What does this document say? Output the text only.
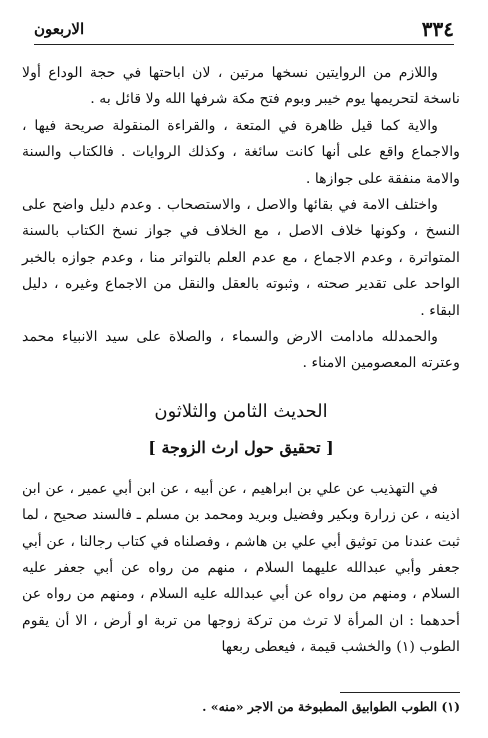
٣٣٤
الاربعون

واللازم من الروايتين نسخها مرتين ، لان اباحتها في حجة الوداع أولا ناسخة لتحريمها يوم خيبر وبوم فتح مكة شرفها الله ولا قائل به .

والاية كما قيل ظاهرة في المتعة ، والقراءة المنقولة صريحة فيها ، والاجماع واقع على أنها كانت سائغة ، وكذلك الروايات . فالكتاب والسنة والامة منفقة على جوازها .

واختلف الامة في بقائها والاصل ، والاستصحاب . وعدم دليل واضح على النسخ ، وكونها خلاف الاصل ، مع الخلاف في جواز نسخ الكتاب بالسنة المتواترة ، وعدم الاجماع ، مع عدم العلم بالتواتر منا ، وعدم جوازه بالخبر الواحد على تقدير صحته ، وثبوته بالعقل والنقل من الاجماع وغيره ، دليل البقاء .

والحمدلله مادامت الارض والسماء ، والصلاة على سيد الانبياء محمد وعترته المعصومين الامناء .

الحديث الثامن والثلاثون
[ تحقيق حول ارث الزوجة ]

في التهذيب عن علي بن ابراهيم ، عن أبيه ، عن ابن أبي عمير ، عن ابن اذينه ، عن زرارة وبكير وفضيل وبريد ومحمد بن مسلم ـ فالسند صحيح ، لما ثبت عندنا من توثيق أبي علي بن هاشم ، وفصلناه في كتاب رجالنا ، عن أبي جعفر وأبي عبدالله عليهما السلام ، منهم من رواه عن أبي جعفر عليه السلام ، ومنهم من رواه عن أبي عبدالله عليه السلام ، ومنهم من رواه عن أحدهما : ان المرأة لا ترث من تركة زوجها من تربة او أرض ، الا أن يقوم الطوب (١) والخشب قيمة ، فيعطى ربعها

(١) الطوب الطوابيق المطبوخة من الاجر «منه» .
